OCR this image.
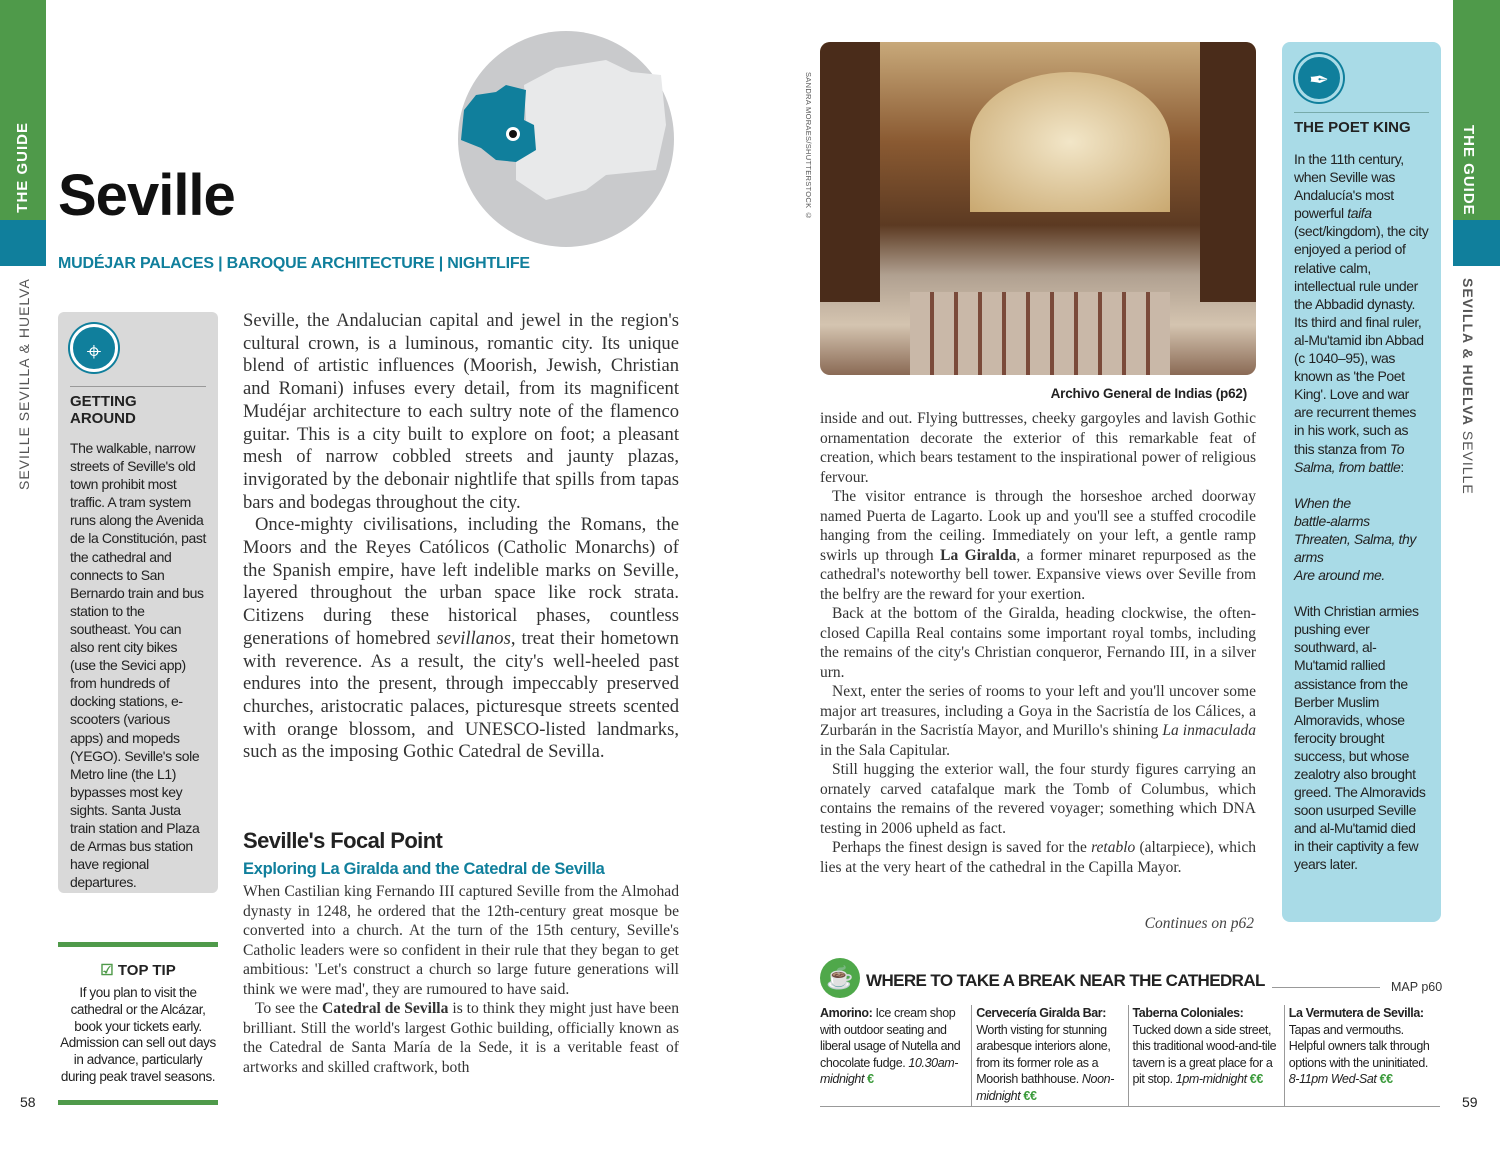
THE GUIDE
SEVILLE SEVILLA & HUELVA
Seville
MUDÉJAR PALACES | BAROQUE ARCHITECTURE | NIGHTLIFE
⌖
GETTING AROUND
The walkable, narrow streets of Seville's old town prohibit most traffic. A tram system runs along the Avenida de la Constitución, past the cathedral and connects to San Bernardo train and bus station to the southeast. You can also rent city bikes (use the Sevici app) from hundreds of docking stations, e-scooters (various apps) and mopeds (YEGO). Seville's sole Metro line (the L1) bypasses most key sights. Santa Justa train station and Plaza de Armas bus station have regional departures.
☑ TOP TIP
If you plan to visit the cathedral or the Alcázar, book your tickets early. Admission can sell out days in advance, particularly during peak travel seasons.

Seville, the Andalucian capital and jewel in the region's cultural crown, is a luminous, romantic city. Its unique blend of artistic influences (Moorish, Jewish, Christian and Romani) infuses every detail, from its magnificent Mudéjar architecture to each sultry note of the flamenco guitar. This is a city built to explore on foot; a pleasant mesh of narrow cobbled streets and jaunty plazas, invigorated by the debonair nightlife that spills from tapas bars and bodegas throughout the city.

Once-mighty civilisations, including the Romans, the Moors and the Reyes Católicos (Catholic Monarchs) of the Spanish empire, have left indelible marks on Seville, layered throughout the urban space like rock strata. Citizens during these historical phases, countless generations of homebred sevillanos, treat their hometown with reverence. As a result, the city's well-heeled past endures into the present, through impeccably preserved churches, aristocratic palaces, picturesque streets scented with orange blossom, and UNESCO-listed landmarks, such as the imposing Gothic Catedral de Sevilla.

Seville's Focal Point
Exploring La Giralda and the Catedral de Sevilla

When Castilian king Fernando III captured Seville from the Almohad dynasty in 1248, he ordered that the 12th-century great mosque be converted into a church. At the turn of the 15th century, Seville's Catholic leaders were so confident in their rule that they began to get ambitious: 'Let's construct a church so large future generations will think we were mad', they are rumoured to have said.

To see the Catedral de Sevilla is to think they might just have been brilliant. Still the world's largest Gothic building, officially known as the Catedral de Santa María de la Sede, it is a veritable feast of artworks and skilled craftwork, both

58
SANDRA MORAES/SHUTTERSTOCK ©
Archivo General de Indias (p62)

inside and out. Flying buttresses, cheeky gargoyles and lavish Gothic ornamentation decorate the exterior of this remarkable feat of creation, which bears testament to the inspirational power of religious fervour.

The visitor entrance is through the horseshoe arched doorway named Puerta de Lagarto. Look up and you'll see a stuffed crocodile hanging from the ceiling. Immediately on your left, a gentle ramp swirls up through La Giralda, a former minaret repurposed as the cathedral's noteworthy bell tower. Expansive views over Seville from the belfry are the reward for your exertion.

Back at the bottom of the Giralda, heading clockwise, the often-closed Capilla Real contains some important royal tombs, including the remains of the city's Christian conqueror, Fernando III, in a silver urn.

Next, enter the series of rooms to your left and you'll uncover some major art treasures, including a Goya in the Sacristía de los Cálices, a Zurbarán in the Sacristía Mayor, and Murillo's shining La inmaculada in the Sala Capitular.

Still hugging the exterior wall, the four sturdy figures carrying an ornately carved catafalque mark the Tomb of Columbus, which contains the remains of the revered voyager; something which DNA testing in 2006 upheld as fact.

Perhaps the finest design is saved for the retablo (altarpiece), which lies at the very heart of the cathedral in the Capilla Mayor.

Continues on p62
✒
THE POET KING
In the 11th century, when Seville was Andalucía's most powerful taifa (sect/kingdom), the city enjoyed a period of relative calm, intellectual rule under the Abbadid dynasty. Its third and final ruler, al-Mu'tamid ibn Abbad (c 1040–95), was known as 'the Poet King'. Love and war are recurrent themes in his work, such as this stanza from To Salma, from battle:
When the
battle-alarms
Threaten, Salma, thy arms
Are around me.
With Christian armies pushing ever southward, al-Mu'tamid rallied assistance from the Berber Muslim Almoravids, whose ferocity brought success, but whose zealotry also brought greed. The Almoravids soon usurped Seville and al-Mu'tamid died in their captivity a few years later.
☕ WHERE TO TAKE A BREAK NEAR THE CATHEDRAL	MAP p60
Amorino: Ice cream shop with outdoor seating and liberal usage of Nutella and chocolate fudge. 10.30am-midnight €
Cervecería Giralda Bar: Worth visting for stunning arabesque interiors alone, from its former role as a Moorish bathhouse. Noon-midnight €€
Taberna Coloniales: Tucked down a side street, this traditional wood-and-tile tavern is a great place for a pit stop. 1pm-midnight €€
La Vermutera de Sevilla: Tapas and vermouths. Helpful owners talk through options with the uninitiated. 8-11pm Wed-Sat €€
59
THE GUIDE
SEVILLA & HUELVA SEVILLE
